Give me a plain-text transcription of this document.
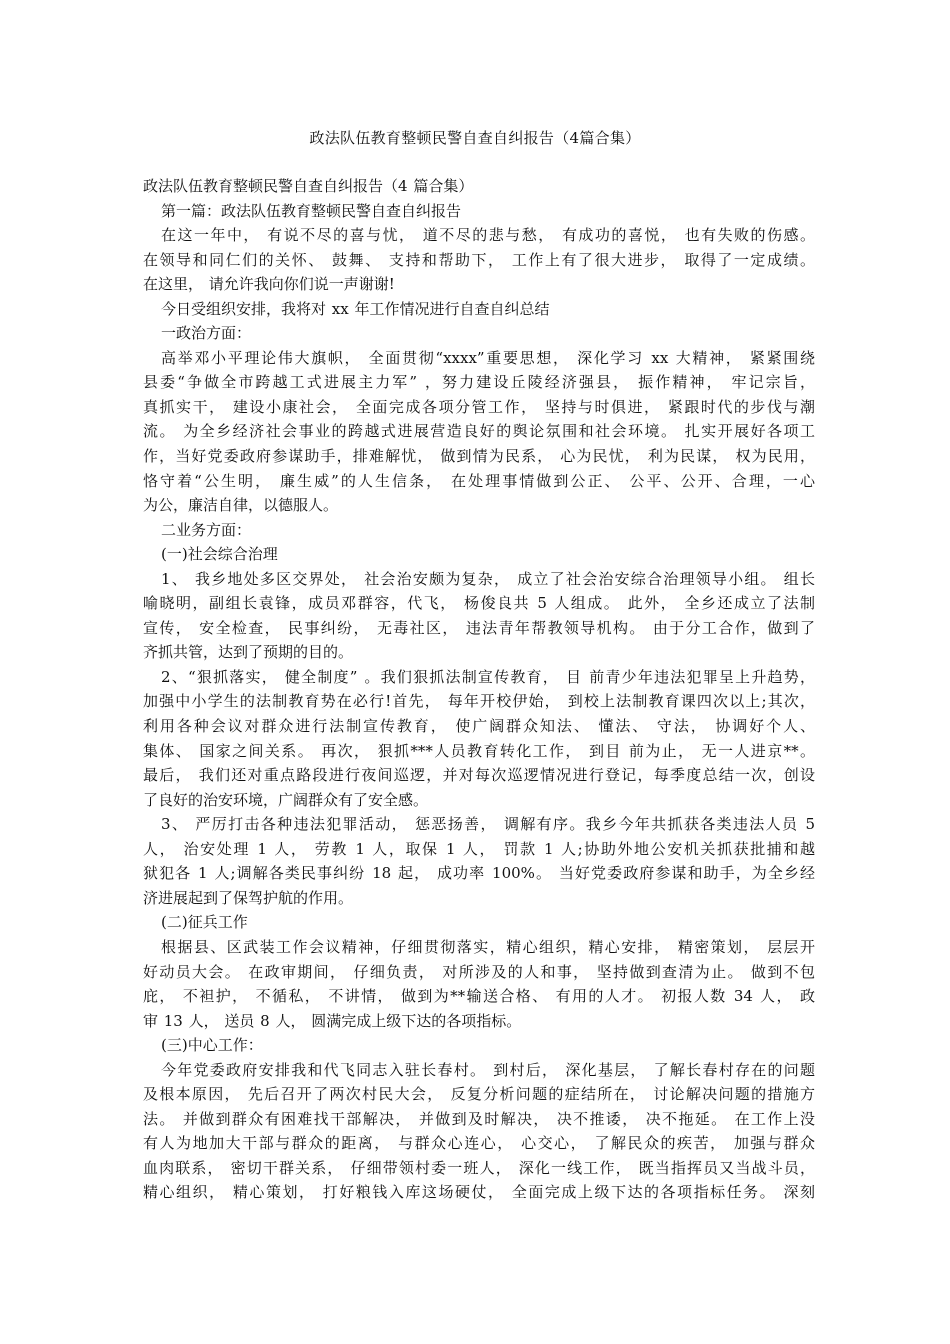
政法队伍教育整顿民警自查自纠报告（4篇合集）
政法队伍教育整顿民警自查自纠报告（4 篇合集）
第一篇：政法队伍教育整顿民警自查自纠报告
在这一年中， 有说不尽的喜与忧， 道不尽的悲与愁， 有成功的喜悦， 也有失败的伤感。
在领导和同仁们的关怀、 鼓舞、 支持和帮助下， 工作上有了很大进步， 取得了一定成绩。
在这里， 请允许我向你们说一声谢谢!
今日受组织安排，我将对 xx 年工作情况进行自查自纠总结
一政治方面：
高举邓小平理论伟大旗帜， 全面贯彻“xxxx”重要思想， 深化学习 xx 大精神， 紧紧围绕
县委“争做全市跨越工式进展主力军” ，努力建设丘陵经济强县， 振作精神， 牢记宗旨，
真抓实干， 建设小康社会， 全面完成各项分管工作， 坚持与时俱进， 紧跟时代的步伐与潮
流。 为全乡经济社会事业的跨越式进展营造良好的舆论氛围和社会环境。 扎实开展好各项工
作，当好党委政府参谋助手，排难解忧， 做到情为民系， 心为民忧， 利为民谋， 权为民用，
恪守着“公生明， 廉生威”的人生信条， 在处理事情做到公正、 公平、公开、合理，一心
为公，廉洁自律，以德服人。
二业务方面：
(一)社会综合治理
1、 我乡地处多区交界处， 社会治安颇为复杂， 成立了社会治安综合治理领导小组。 组长
喻晓明，副组长袁锋，成员邓群容，代飞， 杨俊良共 5 人组成。 此外， 全乡还成立了法制
宣传， 安全检查， 民事纠纷， 无毒社区， 违法青年帮教领导机构。 由于分工合作，做到了
齐抓共管，达到了预期的目的。
2、“狠抓落实， 健全制度” 。我们狠抓法制宣传教育， 目 前青少年违法犯罪呈上升趋势，
加强中小学生的法制教育势在必行!首先， 每年开校伊始， 到校上法制教育课四次以上;其次，
利用各种会议对群众进行法制宣传教育， 使广阔群众知法、 懂法、 守法， 协调好个人、
集体、 国家之间关系。 再次， 狠抓***人员教育转化工作， 到目 前为止， 无一人进京**。
最后， 我们还对重点路段进行夜间巡逻，并对每次巡逻情况进行登记，每季度总结一次，创设
了良好的治安环境，广阔群众有了安全感。
3、 严厉打击各种违法犯罪活动， 惩恶扬善， 调解有序。我乡今年共抓获各类违法人员 5
人， 治安处理 1 人， 劳教 1 人，取保 1 人， 罚款 1 人;协助外地公安机关抓获批捕和越
狱犯各 1 人;调解各类民事纠纷 18 起， 成功率 100%。 当好党委政府参谋和助手，为全乡经
济进展起到了保驾护航的作用。
(二)征兵工作
根据县、区武装工作会议精神，仔细贯彻落实，精心组织，精心安排， 精密策划， 层层开
好动员大会。 在政审期间， 仔细负责， 对所涉及的人和事， 坚持做到查清为止。 做到不包
庇， 不袒护， 不循私， 不讲情， 做到为**输送合格、 有用的人才。 初报人数 34 人， 政
审 13 人， 送员 8 人， 圆满完成上级下达的各项指标。
(三)中心工作：
今年党委政府安排我和代飞同志入驻长春村。 到村后， 深化基层， 了解长春村存在的问题
及根本原因， 先后召开了两次村民大会， 反复分析问题的症结所在， 讨论解决问题的措施方
法。 并做到群众有困难找干部解决， 并做到及时解决， 决不推诿， 决不拖延。 在工作上没
有人为地加大干部与群众的距离， 与群众心连心， 心交心， 了解民众的疾苦， 加强与群众
血肉联系， 密切干群关系， 仔细带领村委一班人， 深化一线工作， 既当指挥员又当战斗员，
精心组织， 精心策划， 打好粮钱入库这场硬仗， 全面完成上级下达的各项指标任务。 深刻
